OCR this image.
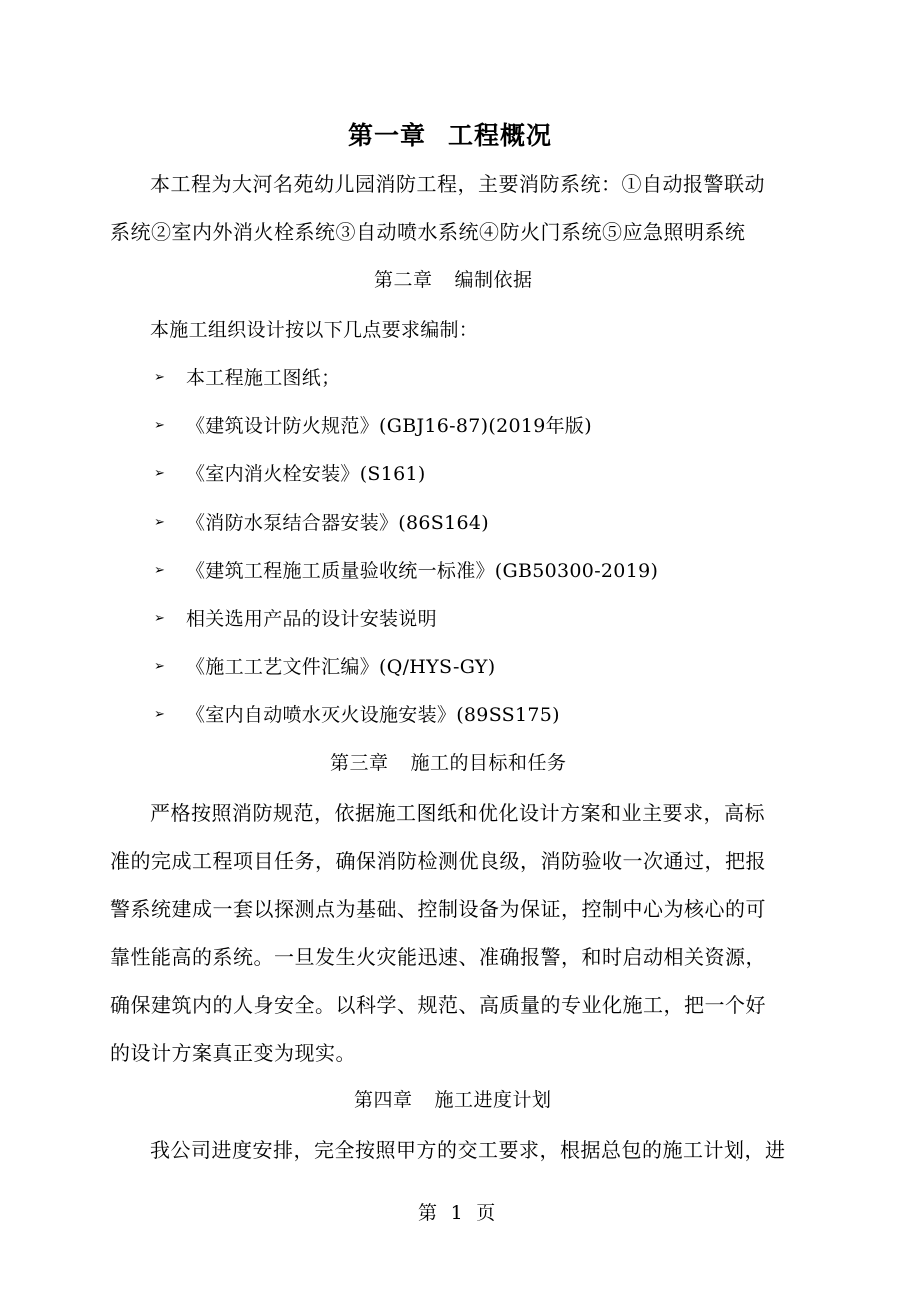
第一章 工程概况
本工程为大河名苑幼儿园消防工程，主要消防系统：①自动报警联动
系统②室内外消火栓系统③自动喷水系统④防火门系统⑤应急照明系统
第二章 编制依据
本施工组织设计按以下几点要求编制：
➢ 本工程施工图纸；
➢ 《建筑设计防火规范》(GBJ16-87)(2019年版)
➢ 《室内消火栓安装》(S161)
➢ 《消防水泵结合器安装》(86S164)
➢ 《建筑工程施工质量验收统一标准》(GB50300-2019)
➢ 相关选用产品的设计安装说明
➢ 《施工工艺文件汇编》(Q/HYS-GY)
➢ 《室内自动喷水灭火设施安装》(89SS175)
第三章 施工的目标和任务
严格按照消防规范，依据施工图纸和优化设计方案和业主要求，高标
准的完成工程项目任务，确保消防检测优良级，消防验收一次通过，把报
警系统建成一套以探测点为基础、控制设备为保证，控制中心为核心的可
靠性能高的系统。一旦发生火灾能迅速、准确报警，和时启动相关资源，
确保建筑内的人身安全。以科学、规范、高质量的专业化施工，把一个好
的设计方案真正变为现实。
第四章 施工进度计划
我公司进度安排，完全按照甲方的交工要求，根据总包的施工计划，进
第  1  页
